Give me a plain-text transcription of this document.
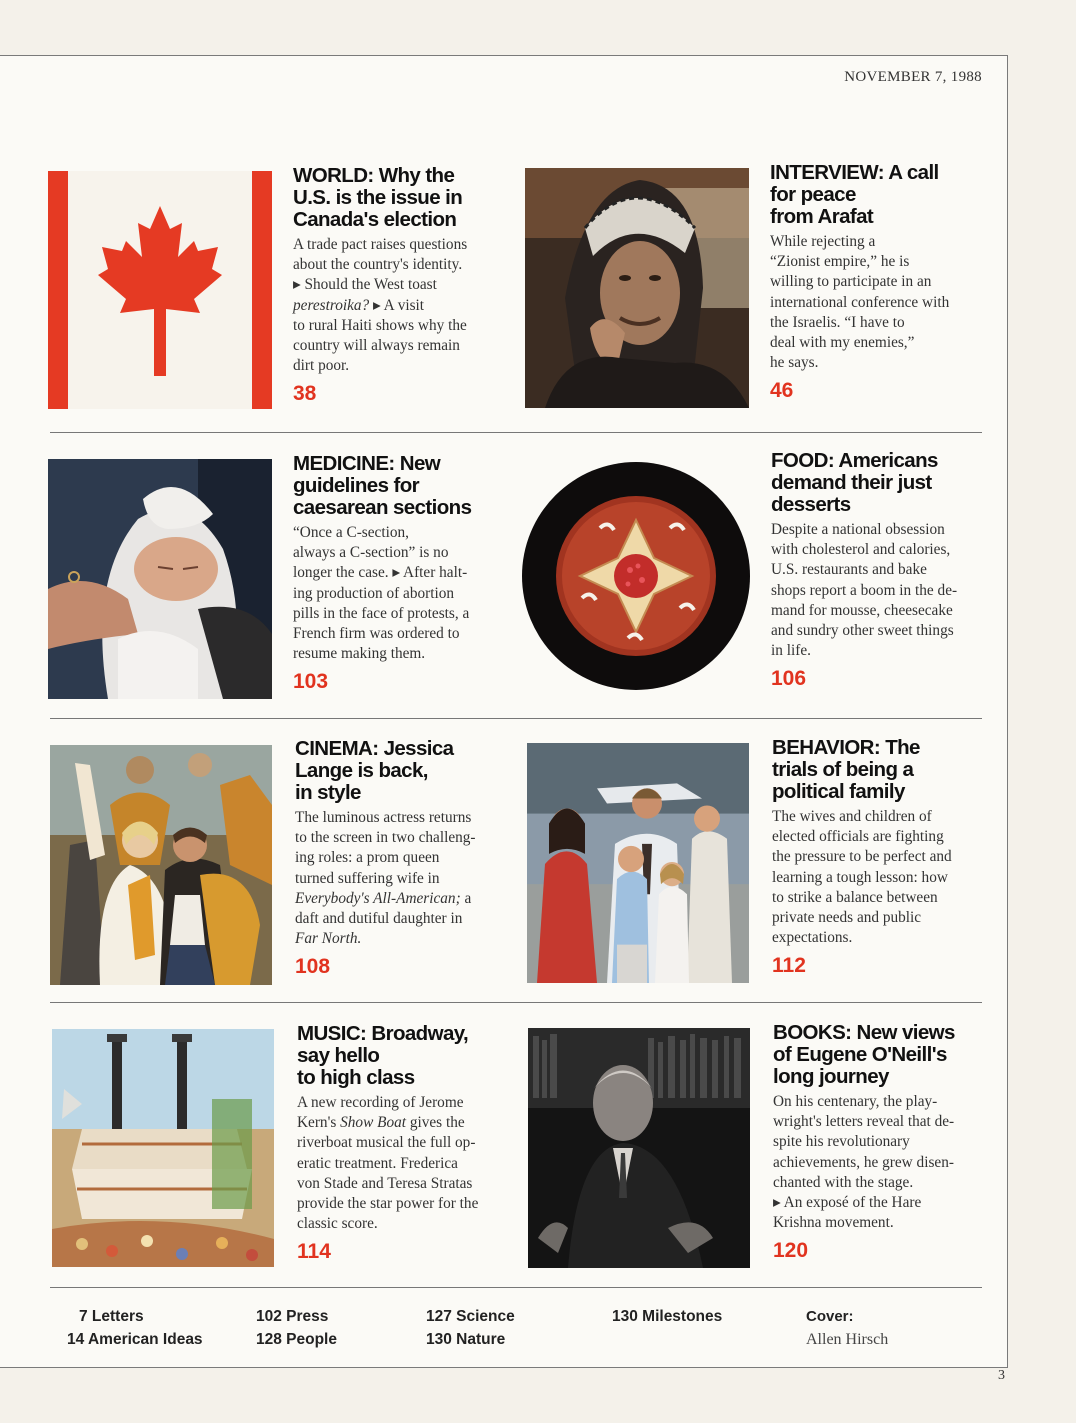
NOVEMBER 7, 1988
WORLD: Why the
U.S. is the issue in
Canada's election
A trade pact raises questions
about the country's identity.
▸ Should the West toast
perestroika? ▸ A visit
to rural Haiti shows why the
country will always remain
dirt poor.
38
INTERVIEW: A call
for peace
from Arafat
While rejecting a
“Zionist empire,” he is
willing to participate in an
international conference with
the Israelis. “I have to
deal with my enemies,”
he says.
46
MEDICINE: New
guidelines for
caesarean sections
“Once a C-section,
always a C-section” is no
longer the case. ▸ After halt-
ing production of abortion
pills in the face of protests, a
French firm was ordered to
resume making them.
103
FOOD: Americans
demand their just
desserts
Despite a national obsession
with cholesterol and calories,
U.S. restaurants and bake
shops report a boom in the de-
mand for mousse, cheesecake
and sundry other sweet things
in life.
106
CINEMA: Jessica
Lange is back,
in style
The luminous actress returns
to the screen in two challeng-
ing roles: a prom queen
turned suffering wife in
Everybody's All-American; a
daft and dutiful daughter in
Far North.
108
BEHAVIOR: The
trials of being a
political family
The wives and children of
elected officials are fighting
the pressure to be perfect and
learning a tough lesson: how
to strike a balance between
private needs and public
expectations.
112
MUSIC: Broadway,
say hello
to high class
A new recording of Jerome
Kern's Show Boat gives the
riverboat musical the full op-
eratic treatment. Frederica
von Stade and Teresa Stratas
provide the star power for the
classic score.
114
BOOKS: New views
of Eugene O'Neill's
long journey
On his centenary, the play-
wright's letters reveal that de-
spite his revolutionary
achievements, he grew disen-
chanted with the stage.
▸ An exposé of the Hare
Krishna movement.
120
7 Letters
14 American Ideas
102 Press
128 People
127 Science
130 Nature
130 Milestones	Cover:
Allen Hirsch
3
